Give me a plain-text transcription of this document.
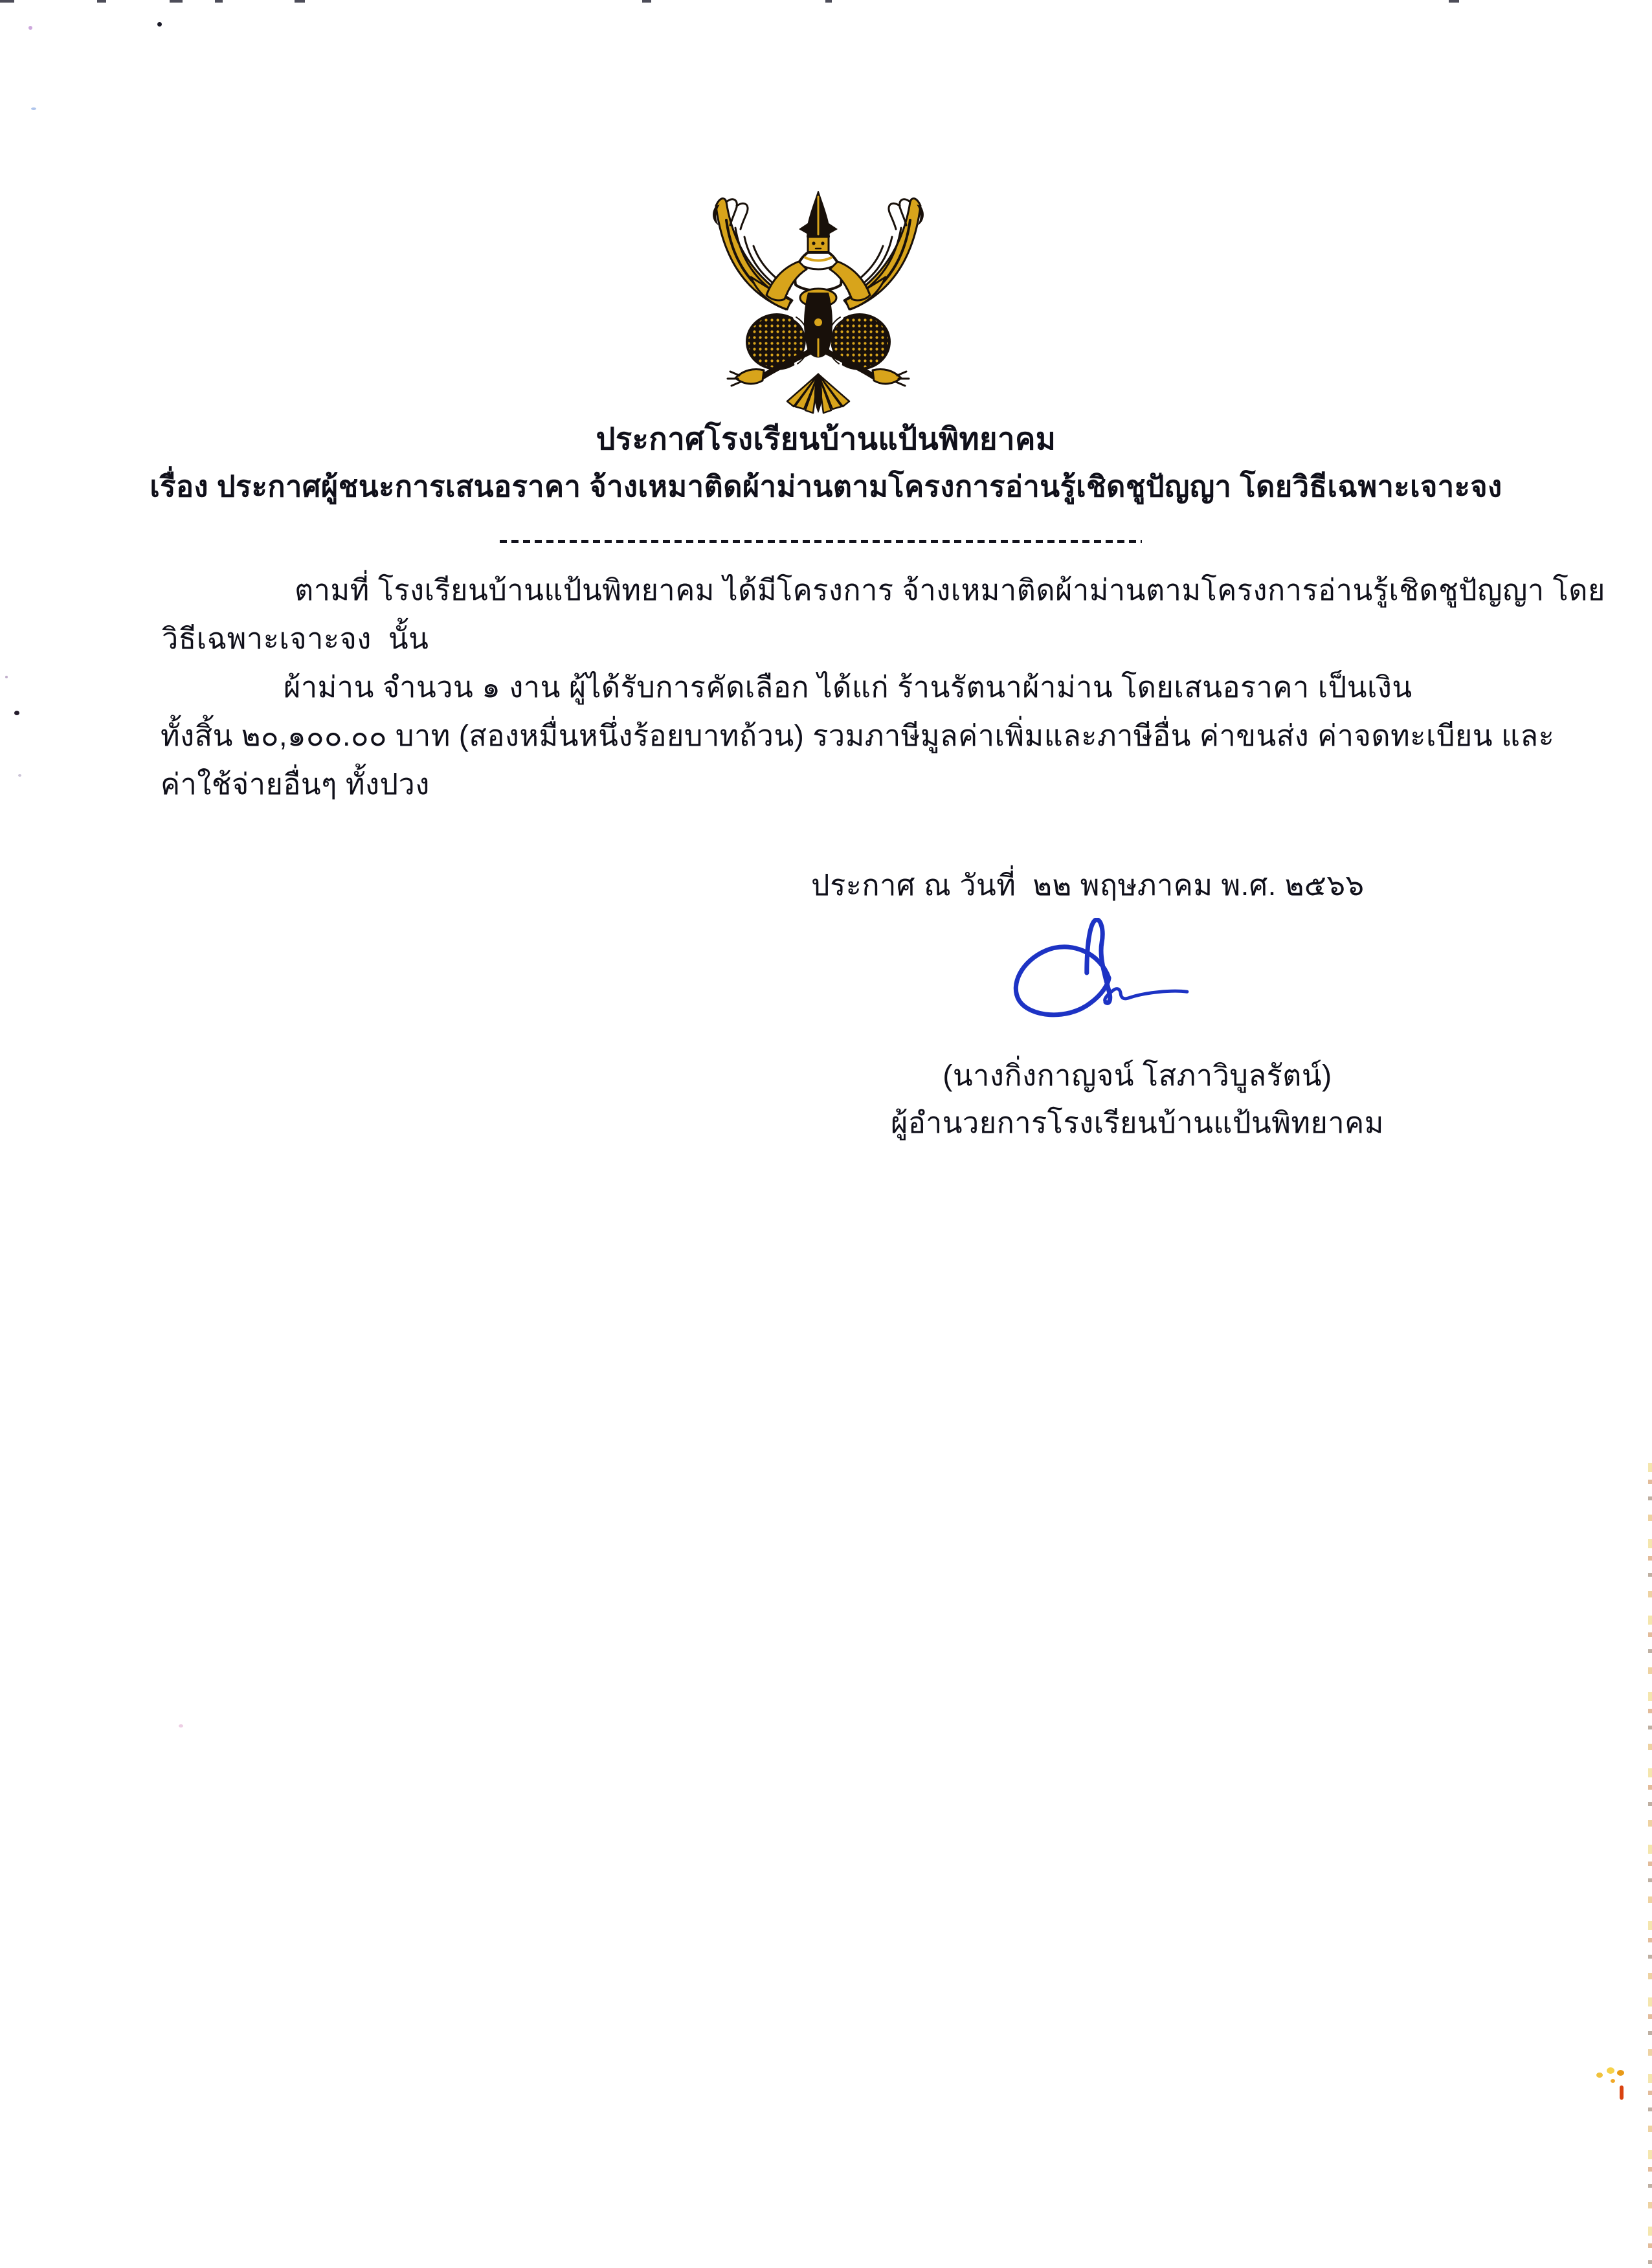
ประกาศโรงเรียนบ้านแป้นพิทยาคม
เรื่อง ประกาศผู้ชนะการเสนอราคา จ้างเหมาติดผ้าม่านตามโครงการอ่านรู้เชิดชูปัญญา โดยวิธีเฉพาะเจาะจง
ตามที่ โรงเรียนบ้านแป้นพิทยาคม ได้มีโครงการ จ้างเหมาติดผ้าม่านตามโครงการอ่านรู้เชิดชูปัญญา โดย
วิธีเฉพาะเจาะจง  นั้น
ผ้าม่าน จำนวน ๑ งาน ผู้ได้รับการคัดเลือก ได้แก่ ร้านรัตนาผ้าม่าน โดยเสนอราคา เป็นเงิน
ทั้งสิ้น ๒๐,๑๐๐.๐๐ บาท (สองหมื่นหนึ่งร้อยบาทถ้วน) รวมภาษีมูลค่าเพิ่มและภาษีอื่น ค่าขนส่ง ค่าจดทะเบียน และ
ค่าใช้จ่ายอื่นๆ ทั้งปวง
ประกาศ ณ วันที่  ๒๒ พฤษภาคม พ.ศ. ๒๕๖๖
(นางกิ่งกาญจน์ โสภาวิบูลรัตน์)
ผู้อำนวยการโรงเรียนบ้านแป้นพิทยาคม
